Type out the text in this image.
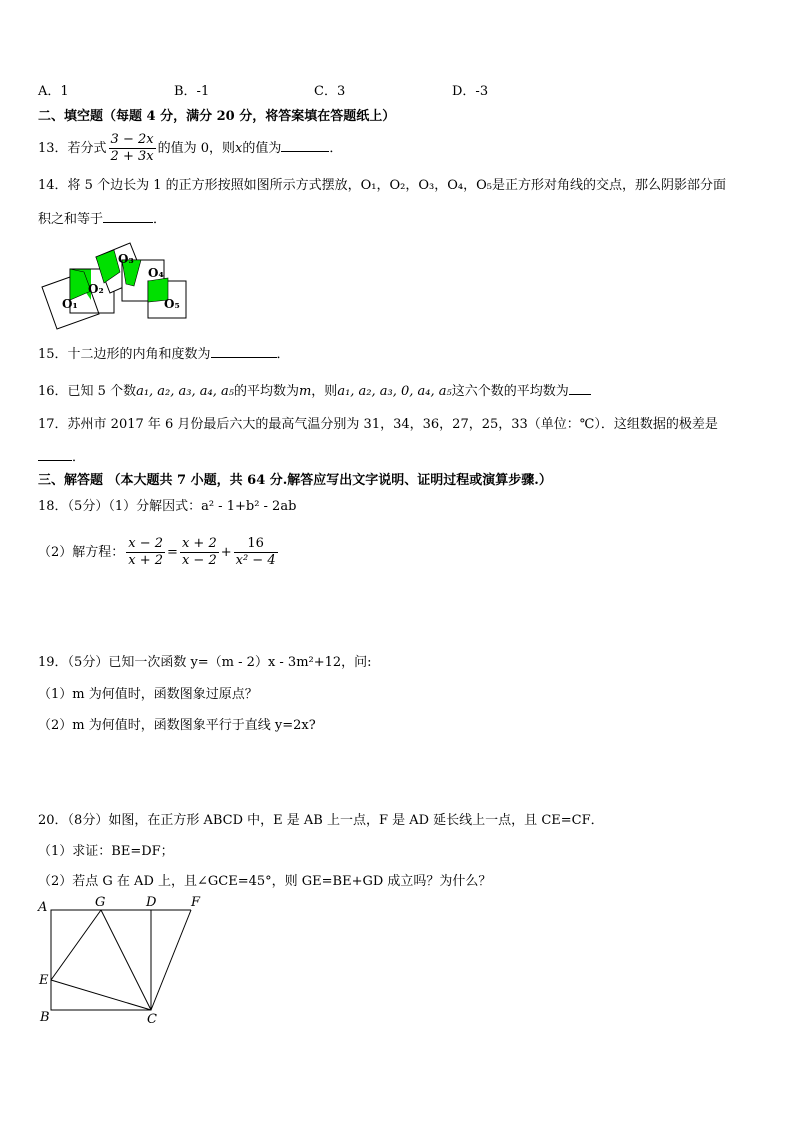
A．1	B．‐1	C．3	D．‐3
二、填空题（每题 4 分，满分 20 分，将答案填在答题纸上）
13．若分式 $\frac{3 - 2x}{2 + 3x}$ 的值为 0，则x的值为	．
14．将 5 个边长为 1 的正方形按照如图所示方式摆放，O₁，O₂，O₃，O₄，O₅是正方形对角线的交点，那么阴影部分面
积之和等于	．
O₁
O₂
O₃
O₄
O₅
15．十二边形的内角和度数为	．
16．已知 5 个数a₁, a₂, a₃, a₄, a₅的平均数为m，则a₁, a₂, a₃, 0, a₄, a₅这六个数的平均数为
17．苏州市 2017 年 6 月份最后六大的最高气温分别为 31，34，36，27，25，33（单位：℃）．这组数据的极差是
．
三、解答题 （本大题共 7 小题，共 64 分.解答应写出文字说明、证明过程或演算步骤.）
18．（5分）（1）分解因式：a² ‐ 1+b² ‐ 2ab
（2）解方程： $\frac{x - 2}{x + 2} = \frac{x + 2}{x - 2} + \frac{16}{\text{x² − 4}}$
19．（5分）已知一次函数 y=（m ‐ 2）x ‐ 3m²+12，问:
（1）m 为何值时，函数图象过原点？
（2）m 为何值时，函数图象平行于直线 y=2x?
20．（8分）如图，在正方形 ABCD 中，E 是 AB 上一点，F 是 AD 延长线上一点，且 CE=CF．
（1）求证：BE=DF；
（2）若点 G 在 AD 上，且∠GCE=45°，则 GE=BE+GD 成立吗？为什么？
A	G	D	F
E
B	C
